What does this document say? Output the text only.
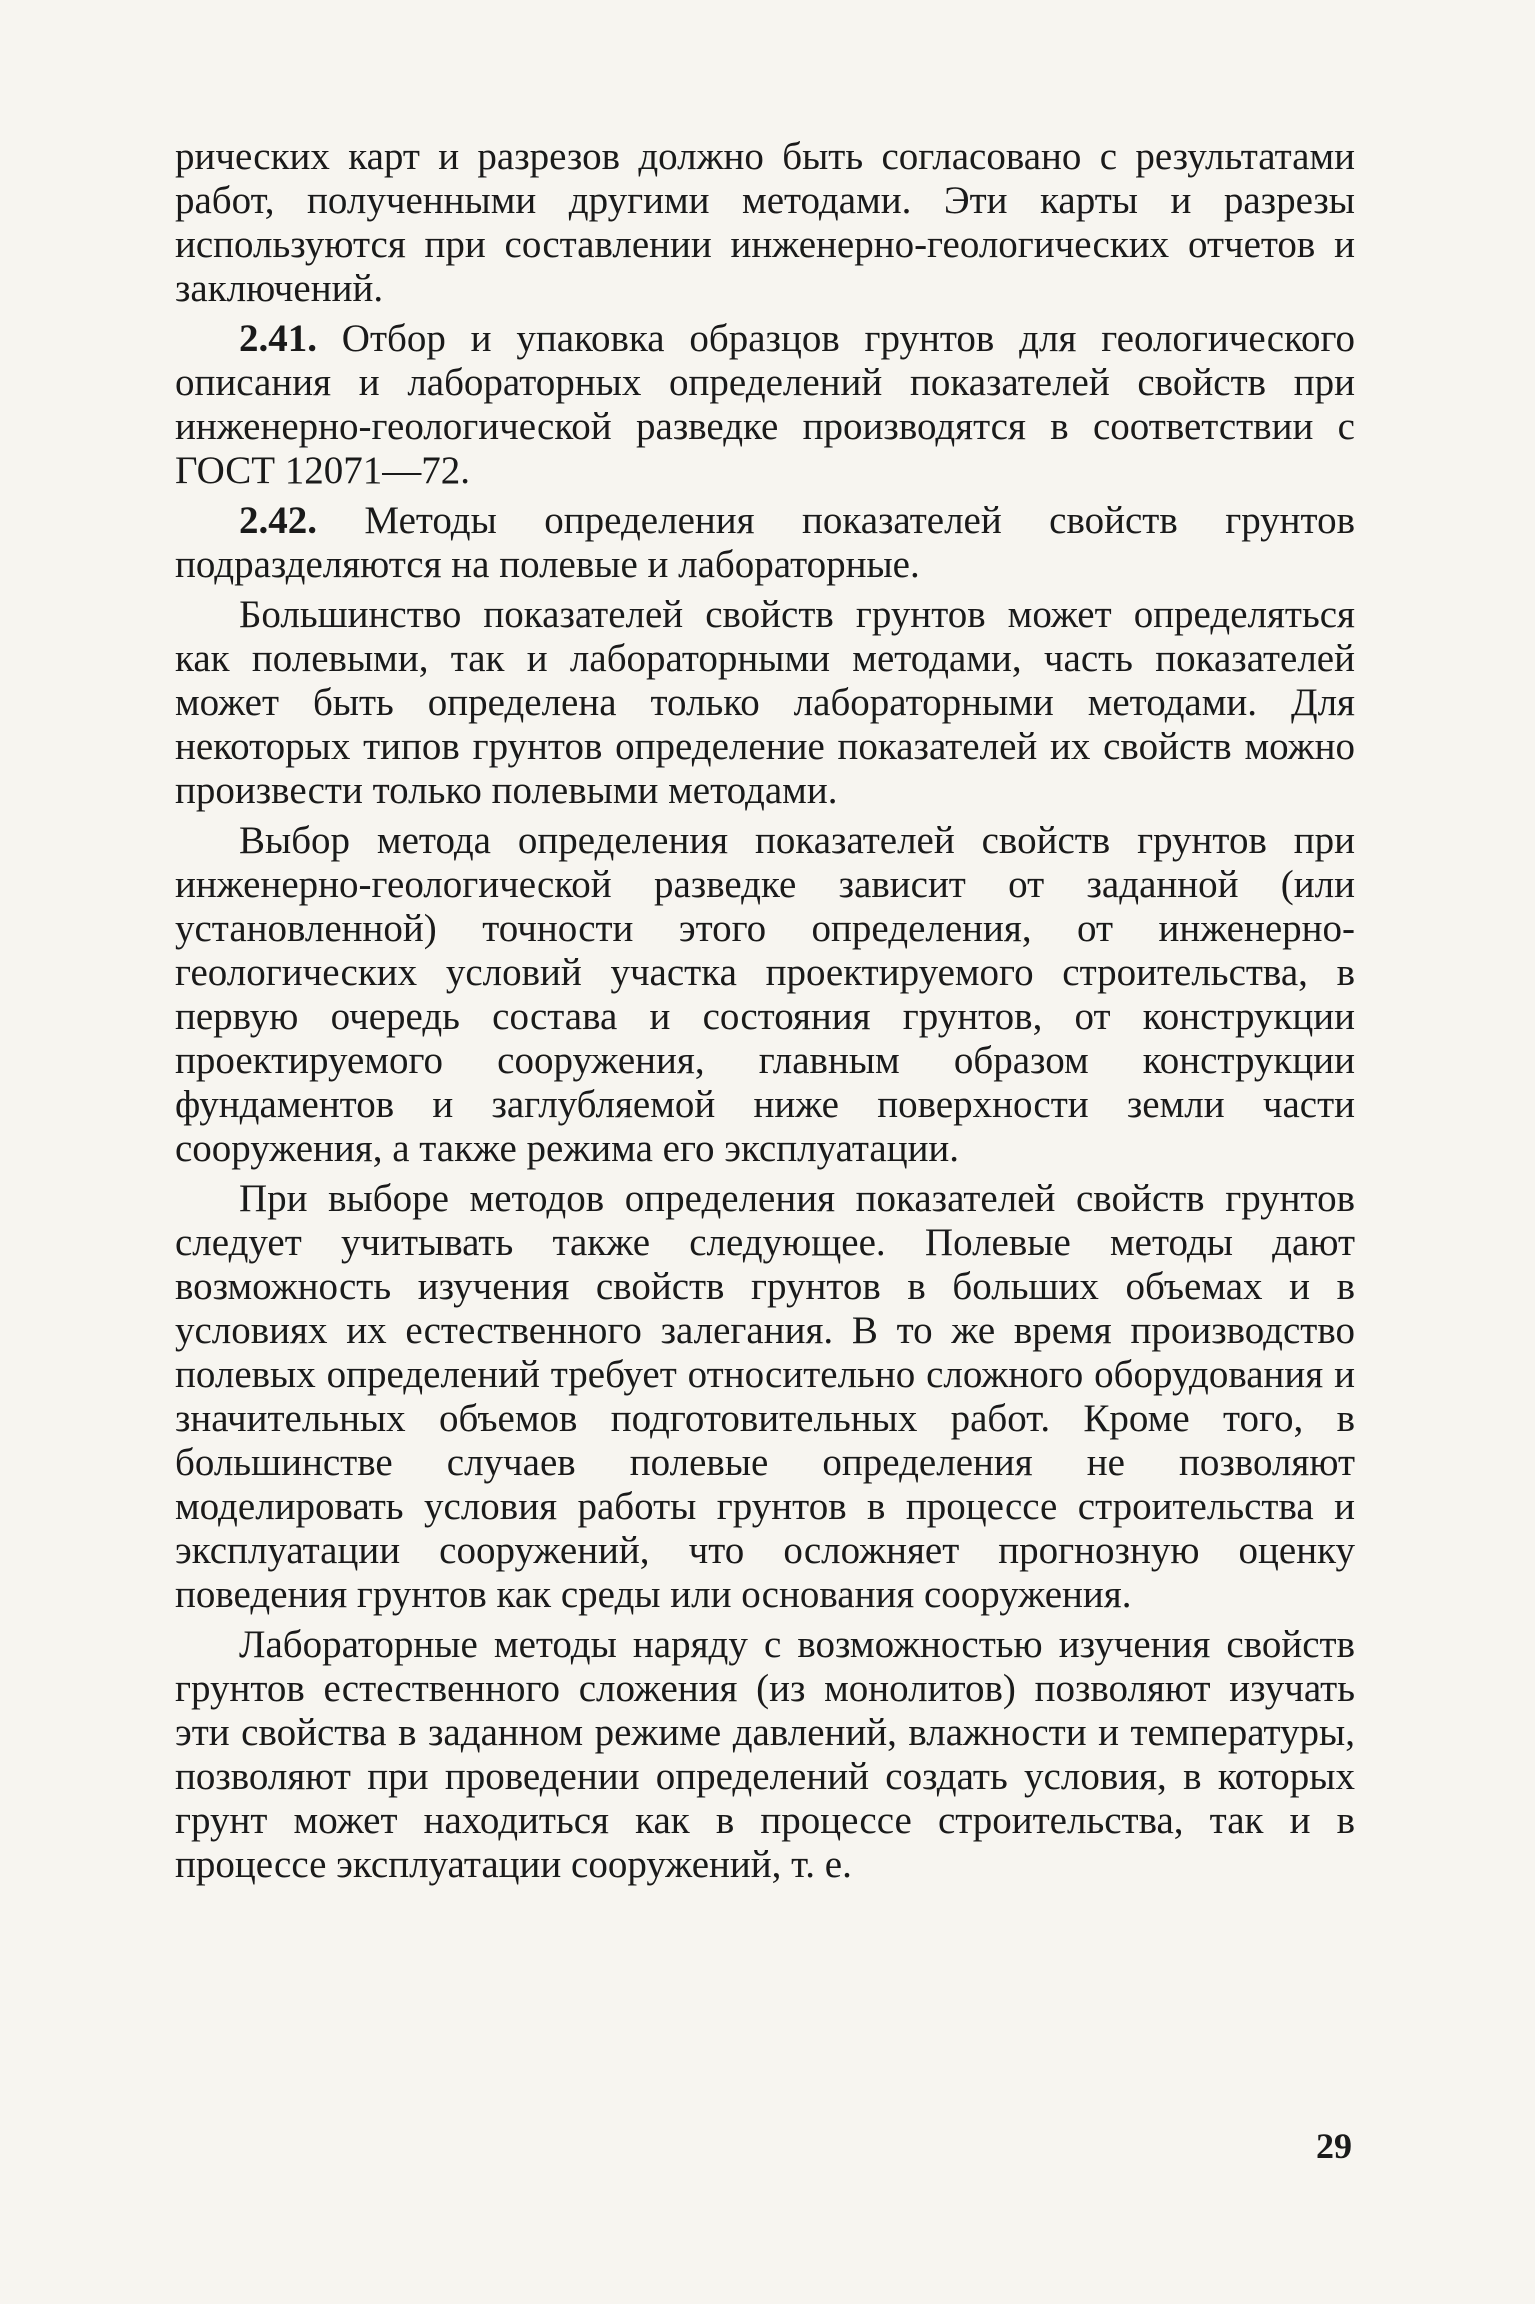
рических карт и разрезов должно быть согласовано с результатами работ, полученными другими методами. Эти карты и разрезы используются при составлении инженерно-геологических отчетов и заключений.

2.41. Отбор и упаковка образцов грунтов для геологического описания и лабораторных определений показателей свойств при инженерно-геологической разведке производятся в соответствии с ГОСТ 12071—72.

2.42. Методы определения показателей свойств грунтов подразделяются на полевые и лабораторные.

Большинство показателей свойств грунтов может определяться как полевыми, так и лабораторными методами, часть показателей может быть определена только лабораторными методами. Для некоторых типов грунтов определение показателей их свойств можно произвести только полевыми методами.

Выбор метода определения показателей свойств грунтов при инженерно-геологической разведке зависит от заданной (или установленной) точности этого определения, от инженерно-геологических условий участка проектируемого строительства, в первую очередь состава и состояния грунтов, от конструкции проектируемого сооружения, главным образом конструкции фундаментов и заглубляемой ниже поверхности земли части сооружения, а также режима его эксплуатации.

При выборе методов определения показателей свойств грунтов следует учитывать также следующее. Полевые методы дают возможность изучения свойств грунтов в больших объемах и в условиях их естественного залегания. В то же время производство полевых определений требует относительно сложного оборудования и значительных объемов подготовительных работ. Кроме того, в большинстве случаев полевые определения не позволяют моделировать условия работы грунтов в процессе строительства и эксплуатации сооружений, что осложняет прогнозную оценку поведения грунтов как среды или основания сооружения.

Лабораторные методы наряду с возможностью изучения свойств грунтов естественного сложения (из монолитов) позволяют изучать эти свойства в заданном режиме давлений, влажности и температуры, позволяют при проведении определений создать условия, в которых грунт может находиться как в процессе строительства, так и в процессе эксплуатации сооружений, т. е.

29
